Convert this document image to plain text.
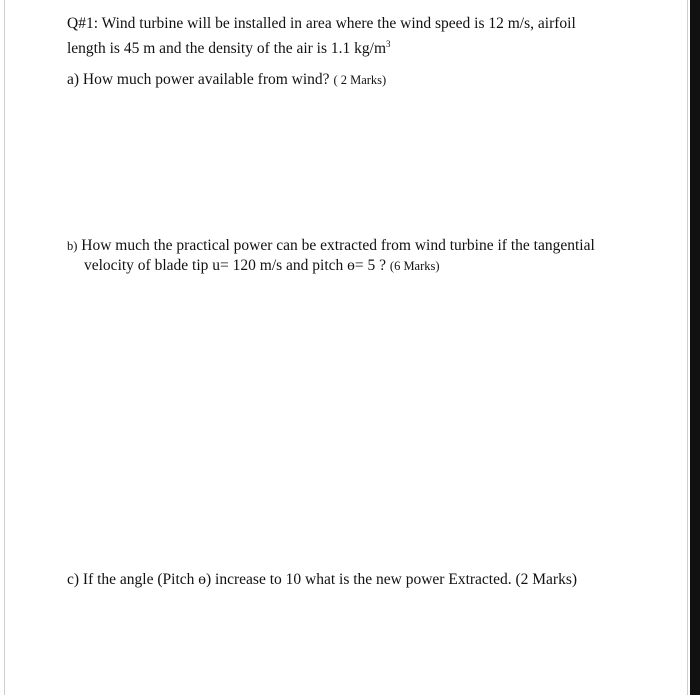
Q#1: Wind turbine will be installed in area where the wind speed is 12 m/s, airfoil
length is 45 m and the density of the air is 1.1 $kg/m^3$
a) How much power available from wind? ( 2 Marks)
b) How much the practical power can be extracted from wind turbine if the tangential
velocity of blade tip u= 120 m/s and pitch ɵ= 5 ? (6 Marks)
c) If the angle (Pitch ɵ) increase to 10 what is the new power Extracted. (2 Marks)
